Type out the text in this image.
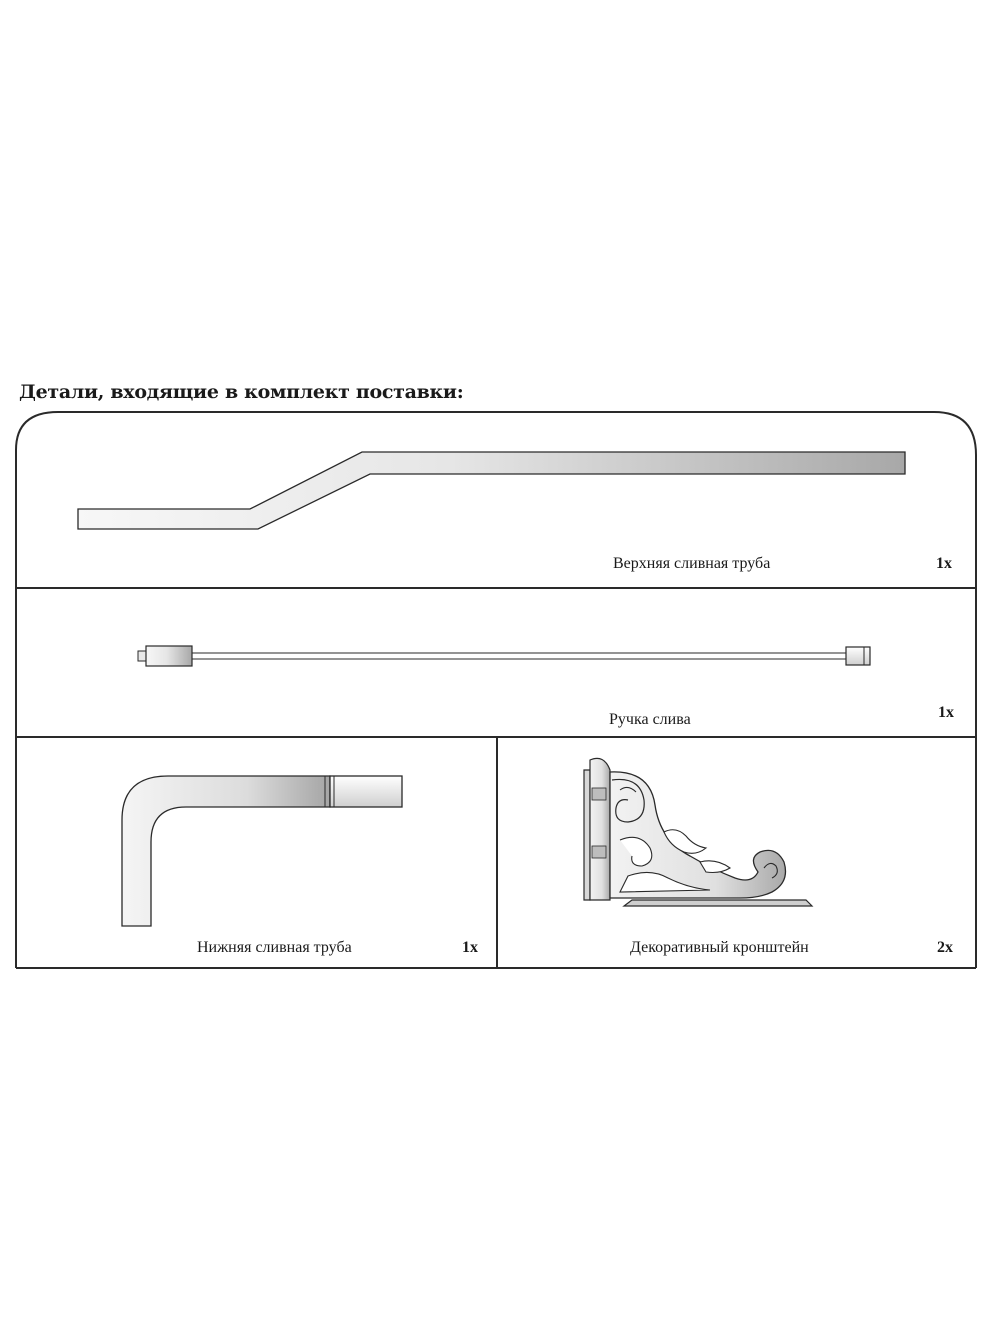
Детали, входящие в комплект поставки:
Верхняя сливная труба	1x
Ручка слива	1x
Нижняя сливная труба	1x	Декоративный кронштейн	2x
